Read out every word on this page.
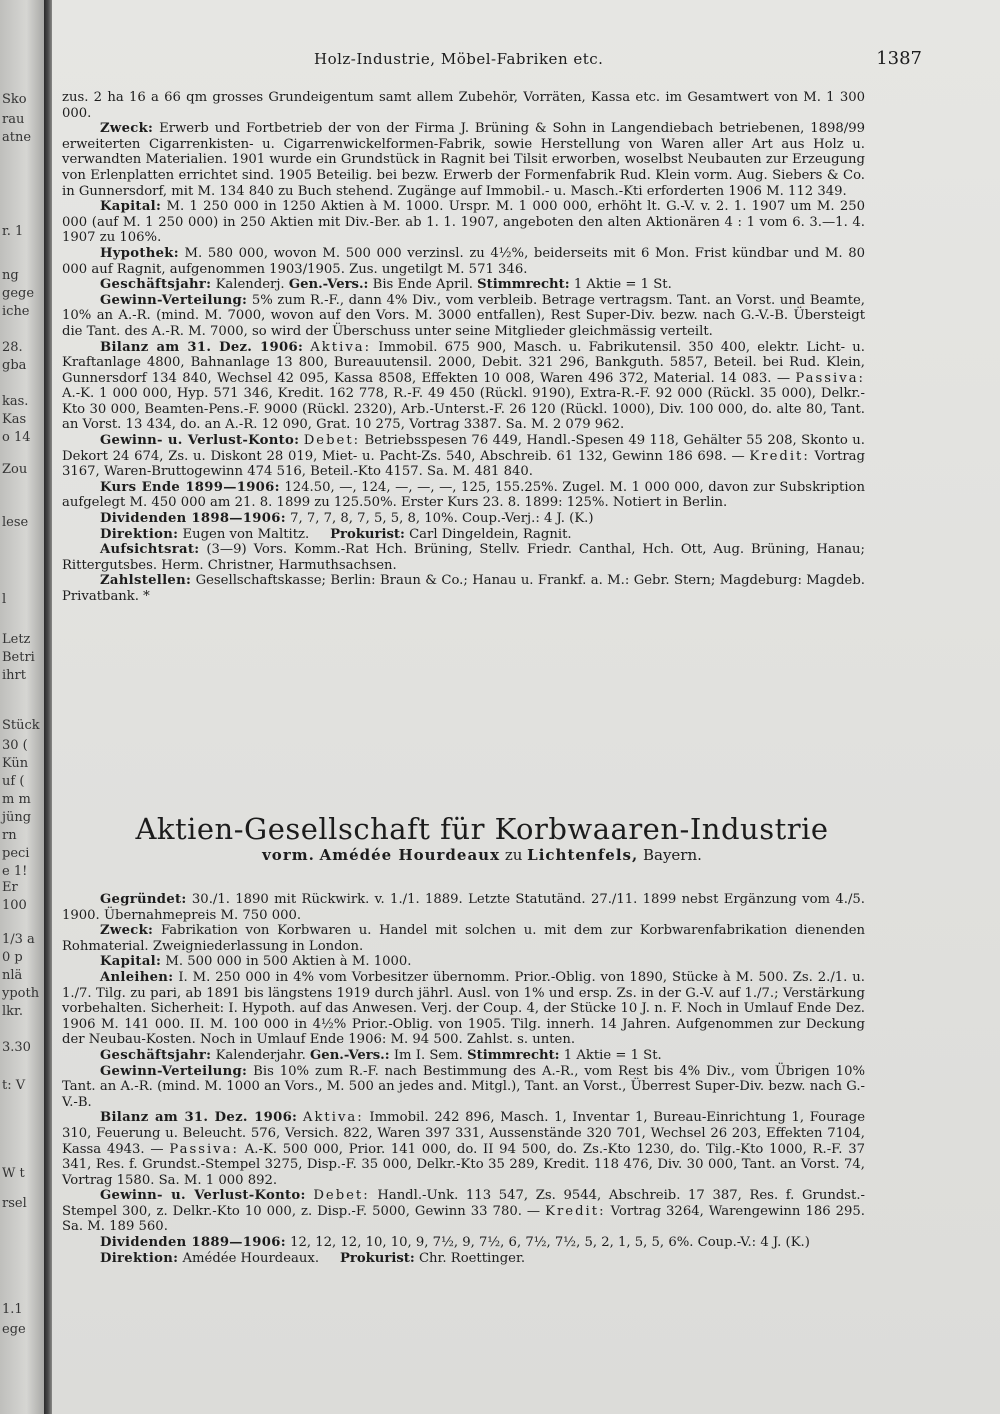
Sko
rau
atne
r. 1
ng
gege
iche
28.
gba
kas.
Kas
o 14
Zou
lese
l
Letz
Betri
ihrt
Stück
30 (
Kün
uf (
m m
jüng
rn
peci
e 1!
Er
100
1/3 a
0 p
nlä
ypoth
lkr.
3.30
t: V
W t
rsel
1.1
ege
Holz-Industrie, Möbel-Fabriken etc.	1387

zus. 2 ha 16 a 66 qm grosses Grundeigentum samt allem Zubehör, Vorräten, Kassa etc. im Gesamtwert von M. 1 300 000.

Zweck: Erwerb und Fortbetrieb der von der Firma J. Brüning & Sohn in Langendiebach betriebenen, 1898/99 erweiterten Cigarrenkisten- u. Cigarrenwickelformen-Fabrik, sowie Herstellung von Waren aller Art aus Holz u. verwandten Materialien. 1901 wurde ein Grundstück in Ragnit bei Tilsit erworben, woselbst Neubauten zur Erzeugung von Erlenplatten errichtet sind. 1905 Beteilig. bei bezw. Erwerb der Formenfabrik Rud. Klein vorm. Aug. Siebers & Co. in Gunnersdorf, mit M. 134 840 zu Buch stehend. Zugänge auf Immobil.- u. Masch.-Kti erforderten 1906 M. 112 349.

Kapital: M. 1 250 000 in 1250 Aktien à M. 1000. Urspr. M. 1 000 000, erhöht lt. G.-V. v. 2. 1. 1907 um M. 250 000 (auf M. 1 250 000) in 250 Aktien mit Div.-Ber. ab 1. 1. 1907, angeboten den alten Aktionären 4 : 1 vom 6. 3.—1. 4. 1907 zu 106%.

Hypothek: M. 580 000, wovon M. 500 000 verzinsl. zu 4½%, beiderseits mit 6 Mon. Frist kündbar und M. 80 000 auf Ragnit, aufgenommen 1903/1905. Zus. ungetilgt M. 571 346.

Geschäftsjahr: Kalenderj. Gen.-Vers.: Bis Ende April. Stimmrecht: 1 Aktie = 1 St.

Gewinn-Verteilung: 5% zum R.-F., dann 4% Div., vom verbleib. Betrage vertragsm. Tant. an Vorst. und Beamte, 10% an A.-R. (mind. M. 7000, wovon auf den Vors. M. 3000 entfallen), Rest Super-Div. bezw. nach G.-V.-B. Übersteigt die Tant. des A.-R. M. 7000, so wird der Überschuss unter seine Mitglieder gleichmässig verteilt.

Bilanz am 31. Dez. 1906: Aktiva: Immobil. 675 900, Masch. u. Fabrikutensil. 350 400, elektr. Licht- u. Kraftanlage 4800, Bahnanlage 13 800, Bureauutensil. 2000, Debit. 321 296, Bankguth. 5857, Beteil. bei Rud. Klein, Gunnersdorf 134 840, Wechsel 42 095, Kassa 8508, Effekten 10 008, Waren 496 372, Material. 14 083. — Passiva: A.-K. 1 000 000, Hyp. 571 346, Kredit. 162 778, R.-F. 49 450 (Rückl. 9190), Extra-R.-F. 92 000 (Rückl. 35 000), Delkr.-Kto 30 000, Beamten-Pens.-F. 9000 (Rückl. 2320), Arb.-Unterst.-F. 26 120 (Rückl. 1000), Div. 100 000, do. alte 80, Tant. an Vorst. 13 434, do. an A.-R. 12 090, Grat. 10 275, Vortrag 3387. Sa. M. 2 079 962.

Gewinn- u. Verlust-Konto: Debet: Betriebsspesen 76 449, Handl.-Spesen 49 118, Gehälter 55 208, Skonto u. Dekort 24 674, Zs. u. Diskont 28 019, Miet- u. Pacht-Zs. 540, Abschreib. 61 132, Gewinn 186 698. — Kredit: Vortrag 3167, Waren-Bruttogewinn 474 516, Beteil.-Kto 4157. Sa. M. 481 840.

Kurs Ende 1899—1906: 124.50, —, 124, —, —, —, 125, 155.25%. Zugel. M. 1 000 000, davon zur Subskription aufgelegt M. 450 000 am 21. 8. 1899 zu 125.50%. Erster Kurs 23. 8. 1899: 125%. Notiert in Berlin.

Dividenden 1898—1906: 7, 7, 7, 8, 7, 5, 5, 8, 10%. Coup.-Verj.: 4 J. (K.)

Direktion: Eugen von Maltitz. Prokurist: Carl Dingeldein, Ragnit.

Aufsichtsrat: (3—9) Vors. Komm.-Rat Hch. Brüning, Stellv. Friedr. Canthal, Hch. Ott, Aug. Brüning, Hanau; Rittergutsbes. Herm. Christner, Harmuthsachsen.

Zahlstellen: Gesellschaftskasse; Berlin: Braun & Co.; Hanau u. Frankf. a. M.: Gebr. Stern; Magdeburg: Magdeb. Privatbank. *

Aktien-Gesellschaft für Korbwaaren-Industrie
vorm. Amédée Hourdeaux zu Lichtenfels, Bayern.

Gegründet: 30./1. 1890 mit Rückwirk. v. 1./1. 1889. Letzte Statutänd. 27./11. 1899 nebst Ergänzung vom 4./5. 1900. Übernahmepreis M. 750 000.

Zweck: Fabrikation von Korbwaren u. Handel mit solchen u. mit dem zur Korbwarenfabrikation dienenden Rohmaterial. Zweigniederlassung in London.

Kapital: M. 500 000 in 500 Aktien à M. 1000.

Anleihen: I. M. 250 000 in 4% vom Vorbesitzer übernomm. Prior.-Oblig. von 1890, Stücke à M. 500. Zs. 2./1. u. 1./7. Tilg. zu pari, ab 1891 bis längstens 1919 durch jährl. Ausl. von 1% und ersp. Zs. in der G.-V. auf 1./7.; Verstärkung vorbehalten. Sicherheit: I. Hypoth. auf das Anwesen. Verj. der Coup. 4, der Stücke 10 J. n. F. Noch in Umlauf Ende Dez. 1906 M. 141 000. II. M. 100 000 in 4½% Prior.-Oblig. von 1905. Tilg. innerh. 14 Jahren. Aufgenommen zur Deckung der Neubau-Kosten. Noch in Umlauf Ende 1906: M. 94 500. Zahlst. s. unten.

Geschäftsjahr: Kalenderjahr. Gen.-Vers.: Im I. Sem. Stimmrecht: 1 Aktie = 1 St.

Gewinn-Verteilung: Bis 10% zum R.-F. nach Bestimmung des A.-R., vom Rest bis 4% Div., vom Übrigen 10% Tant. an A.-R. (mind. M. 1000 an Vors., M. 500 an jedes and. Mitgl.), Tant. an Vorst., Überrest Super-Div. bezw. nach G.-V.-B.

Bilanz am 31. Dez. 1906: Aktiva: Immobil. 242 896, Masch. 1, Inventar 1, Bureau-Einrichtung 1, Fourage 310, Feuerung u. Beleucht. 576, Versich. 822, Waren 397 331, Aussenstände 320 701, Wechsel 26 203, Effekten 7104, Kassa 4943. — Passiva: A.-K. 500 000, Prior. 141 000, do. II 94 500, do. Zs.-Kto 1230, do. Tilg.-Kto 1000, R.-F. 37 341, Res. f. Grundst.-Stempel 3275, Disp.-F. 35 000, Delkr.-Kto 35 289, Kredit. 118 476, Div. 30 000, Tant. an Vorst. 74, Vortrag 1580. Sa. M. 1 000 892.

Gewinn- u. Verlust-Konto: Debet: Handl.-Unk. 113 547, Zs. 9544, Abschreib. 17 387, Res. f. Grundst.-Stempel 300, z. Delkr.-Kto 10 000, z. Disp.-F. 5000, Gewinn 33 780. — Kredit: Vortrag 3264, Warengewinn 186 295. Sa. M. 189 560.

Dividenden 1889—1906: 12, 12, 12, 10, 10, 9, 7½, 9, 7½, 6, 7½, 7½, 5, 2, 1, 5, 5, 6%. Coup.-V.: 4 J. (K.)

Direktion: Amédée Hourdeaux. Prokurist: Chr. Roettinger.
